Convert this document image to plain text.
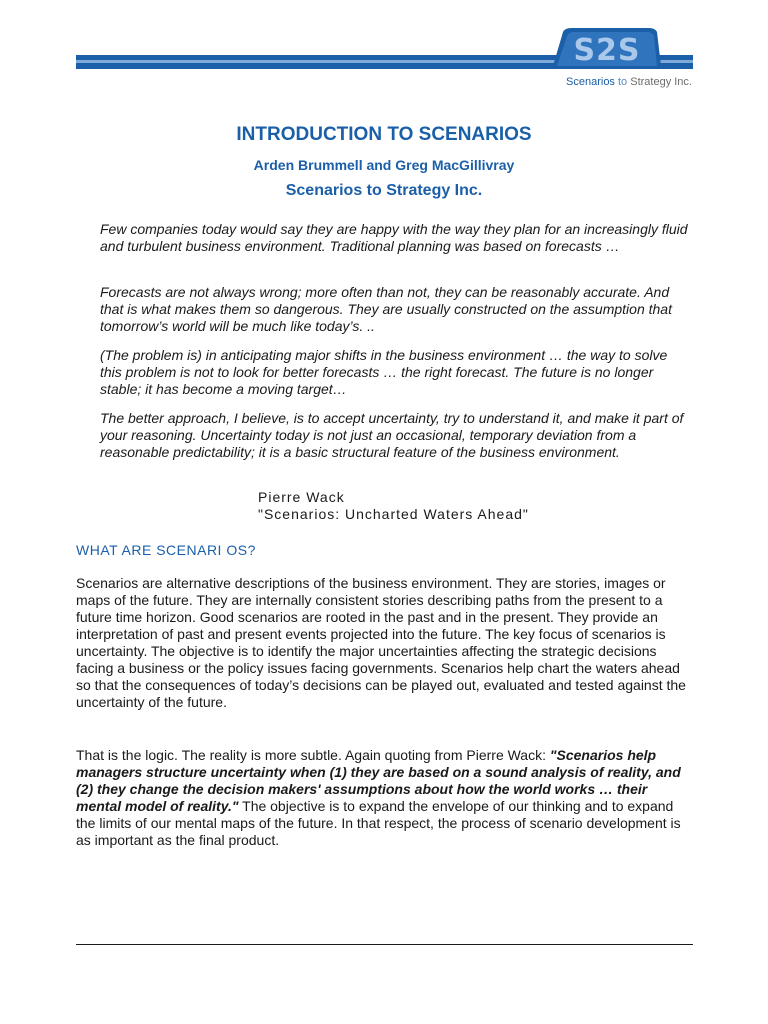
S2S
Scenarios to Strategy Inc.
INTRODUCTION TO SCENARIOS
Arden Brummell and Greg MacGillivray
Scenarios to Strategy Inc.
Few companies today would say they are happy with the way they plan for an increasingly fluid and turbulent business environment. Traditional planning was based on forecasts …
Forecasts are not always wrong; more often than not, they can be reasonably accurate. And that is what makes them so dangerous. They are usually constructed on the assumption that tomorrow’s world will be much like today’s. ..
(The problem is) in anticipating major shifts in the business environment … the way to solve this problem is not to look for better forecasts … the right forecast. The future is no longer stable; it has become a moving target…
The better approach, I believe, is to accept uncertainty, try to understand it, and make it part of your reasoning. Uncertainty today is not just an occasional, temporary deviation from a reasonable predictability; it is a basic structural feature of the business environment.
Pierre Wack
"Scenarios: Uncharted Waters Ahead"
WHAT ARE SCENARI OS?
Scenarios are alternative descriptions of the business environment. They are stories, images or maps of the future. They are internally consistent stories describing paths from the present to a future time horizon. Good scenarios are rooted in the past and in the present. They provide an interpretation of past and present events projected into the future. The key focus of scenarios is uncertainty. The objective is to identify the major uncertainties affecting the strategic decisions facing a business or the policy issues facing governments. Scenarios help chart the waters ahead so that the consequences of today’s decisions can be played out, evaluated and tested against the uncertainty of the future.
That is the logic. The reality is more subtle. Again quoting from Pierre Wack: "Scenarios help managers structure uncertainty when (1) they are based on a sound analysis of reality, and (2) they change the decision makers' assumptions about how the world works … their mental model of reality." The objective is to expand the envelope of our thinking and to expand the limits of our mental maps of the future. In that respect, the process of scenario development is as important as the final product.
